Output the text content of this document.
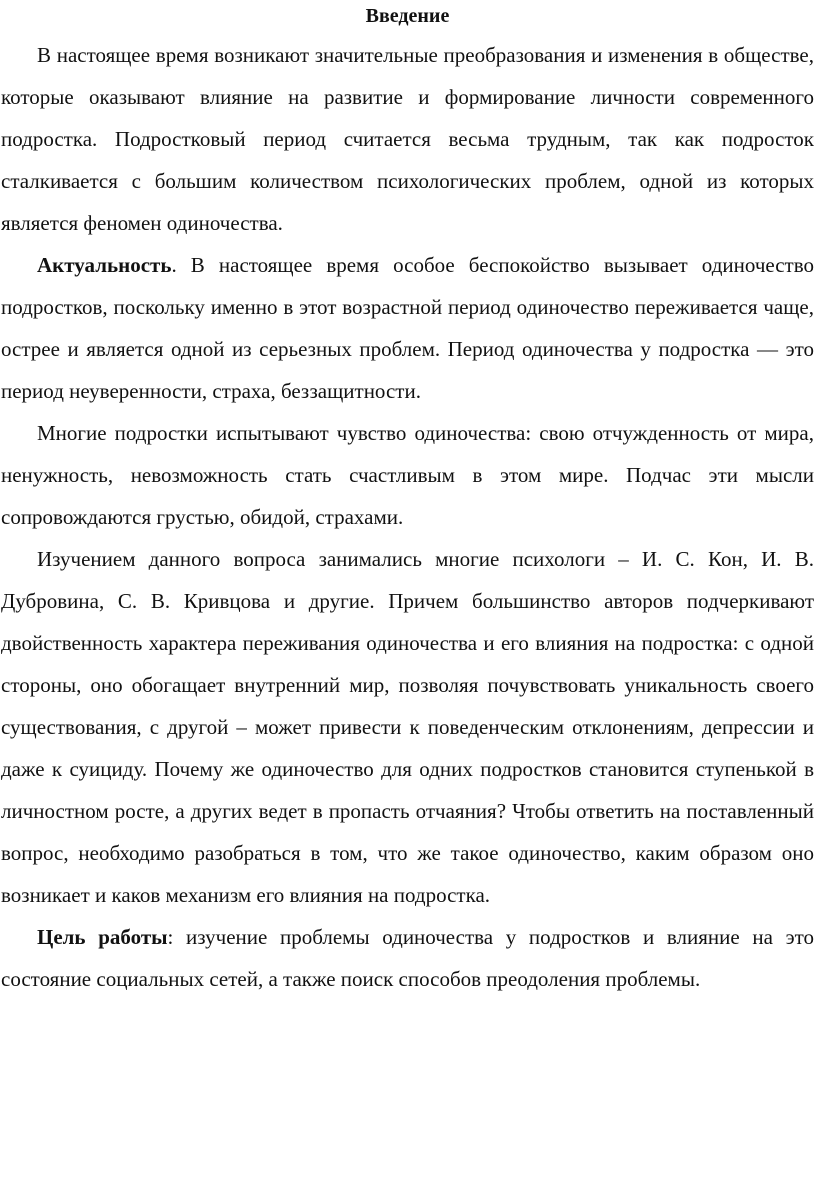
Введение

В настоящее время возникают значительные преобразования и изменения в обществе, которые оказывают влияние на развитие и формирование личности современного подростка. Подростковый период считается весьма трудным, так как подросток сталкивается с большим количеством психологических проблем, одной из которых является феномен одиночества.

Актуальность. В настоящее время особое беспокойство вызывает одиночество подростков, поскольку именно в этот возрастной период одиночество переживается чаще, острее и является одной из серьезных проблем. Период одиночества у подростка — это период неуверенности, страха, беззащитности.

Многие подростки испытывают чувство одиночества: свою отчужденность от мира, ненужность, невозможность стать счастливым в этом мире. Подчас эти мысли сопровождаются грустью, обидой, страхами.

Изучением данного вопроса занимались многие психологи – И. С. Кон, И. В. Дубровина, С. В. Кривцова и другие. Причем большинство авторов подчеркивают двойственность характера переживания одиночества и его влияния на подростка: с одной стороны, оно обогащает внутренний мир, позволяя почувствовать уникальность своего существования, с другой – может привести к поведенческим отклонениям, депрессии и даже к суициду. Почему же одиночество для одних подростков становится ступенькой в личностном росте, а других ведет в пропасть отчаяния? Чтобы ответить на поставленный вопрос, необходимо разобраться в том, что же такое одиночество, каким образом оно возникает и каков механизм его влияния на подростка.

Цель работы: изучение проблемы одиночества у подростков и влияние на это состояние социальных сетей, а также поиск способов преодоления проблемы.
